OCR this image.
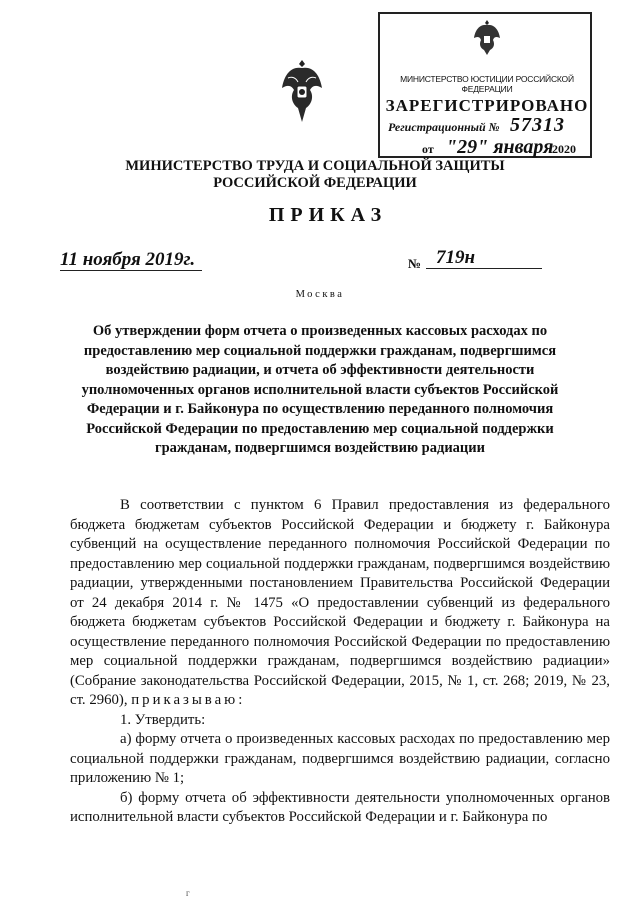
МИНИСТЕРСТВО ЮСТИЦИИ РОССИЙСКОЙ ФЕДЕРАЦИИ
ЗАРЕГИСТРИРОВАНО
Регистрационный № 57313
от "29" января
2020
МИНИСТЕРСТВО ТРУДА И СОЦИАЛЬНОЙ ЗАЩИТЫ
РОССИЙСКОЙ ФЕДЕРАЦИИ
ПРИКАЗ
11 ноября 2019г.	№ 719н
Москва
Об утверждении форм отчета о произведенных кассовых расходах по предоставлению мер социальной поддержки гражданам, подвергшимся воздействию радиации, и отчета об эффективности деятельности уполномоченных органов исполнительной власти субъектов Российской Федерации и г. Байконура по осуществлению переданного полномочия Российской Федерации по предоставлению мер социальной поддержки гражданам, подвергшимся воздействию радиации

В соответствии с пунктом 6 Правил предоставления из федерального бюджета бюджетам субъектов Российской Федерации и бюджету г. Байконура субвенций на осуществление переданного полномочия Российской Федерации по предоставлению мер социальной поддержки гражданам, подвергшимся воздействию радиации, утвержденными постановлением Правительства Российской Федерации от 24 декабря 2014 г. № 1475 «О предоставлении субвенций из федерального бюджета бюджетам субъектов Российской Федерации и бюджету г. Байконура на осуществление переданного полномочия Российской Федерации по предоставлению мер социальной поддержки гражданам, подвергшимся воздействию радиации» (Собрание законодательства Российской Федерации, 2015, № 1, ст. 268; 2019, № 23, ст. 2960), приказываю:

1. Утвердить:

а) форму отчета о произведенных кассовых расходах по предоставлению мер социальной поддержки гражданам, подвергшимся воздействию радиации, согласно приложению № 1;

б) форму отчета об эффективности деятельности уполномоченных органов исполнительной власти субъектов Российской Федерации и г. Байконура по

г
